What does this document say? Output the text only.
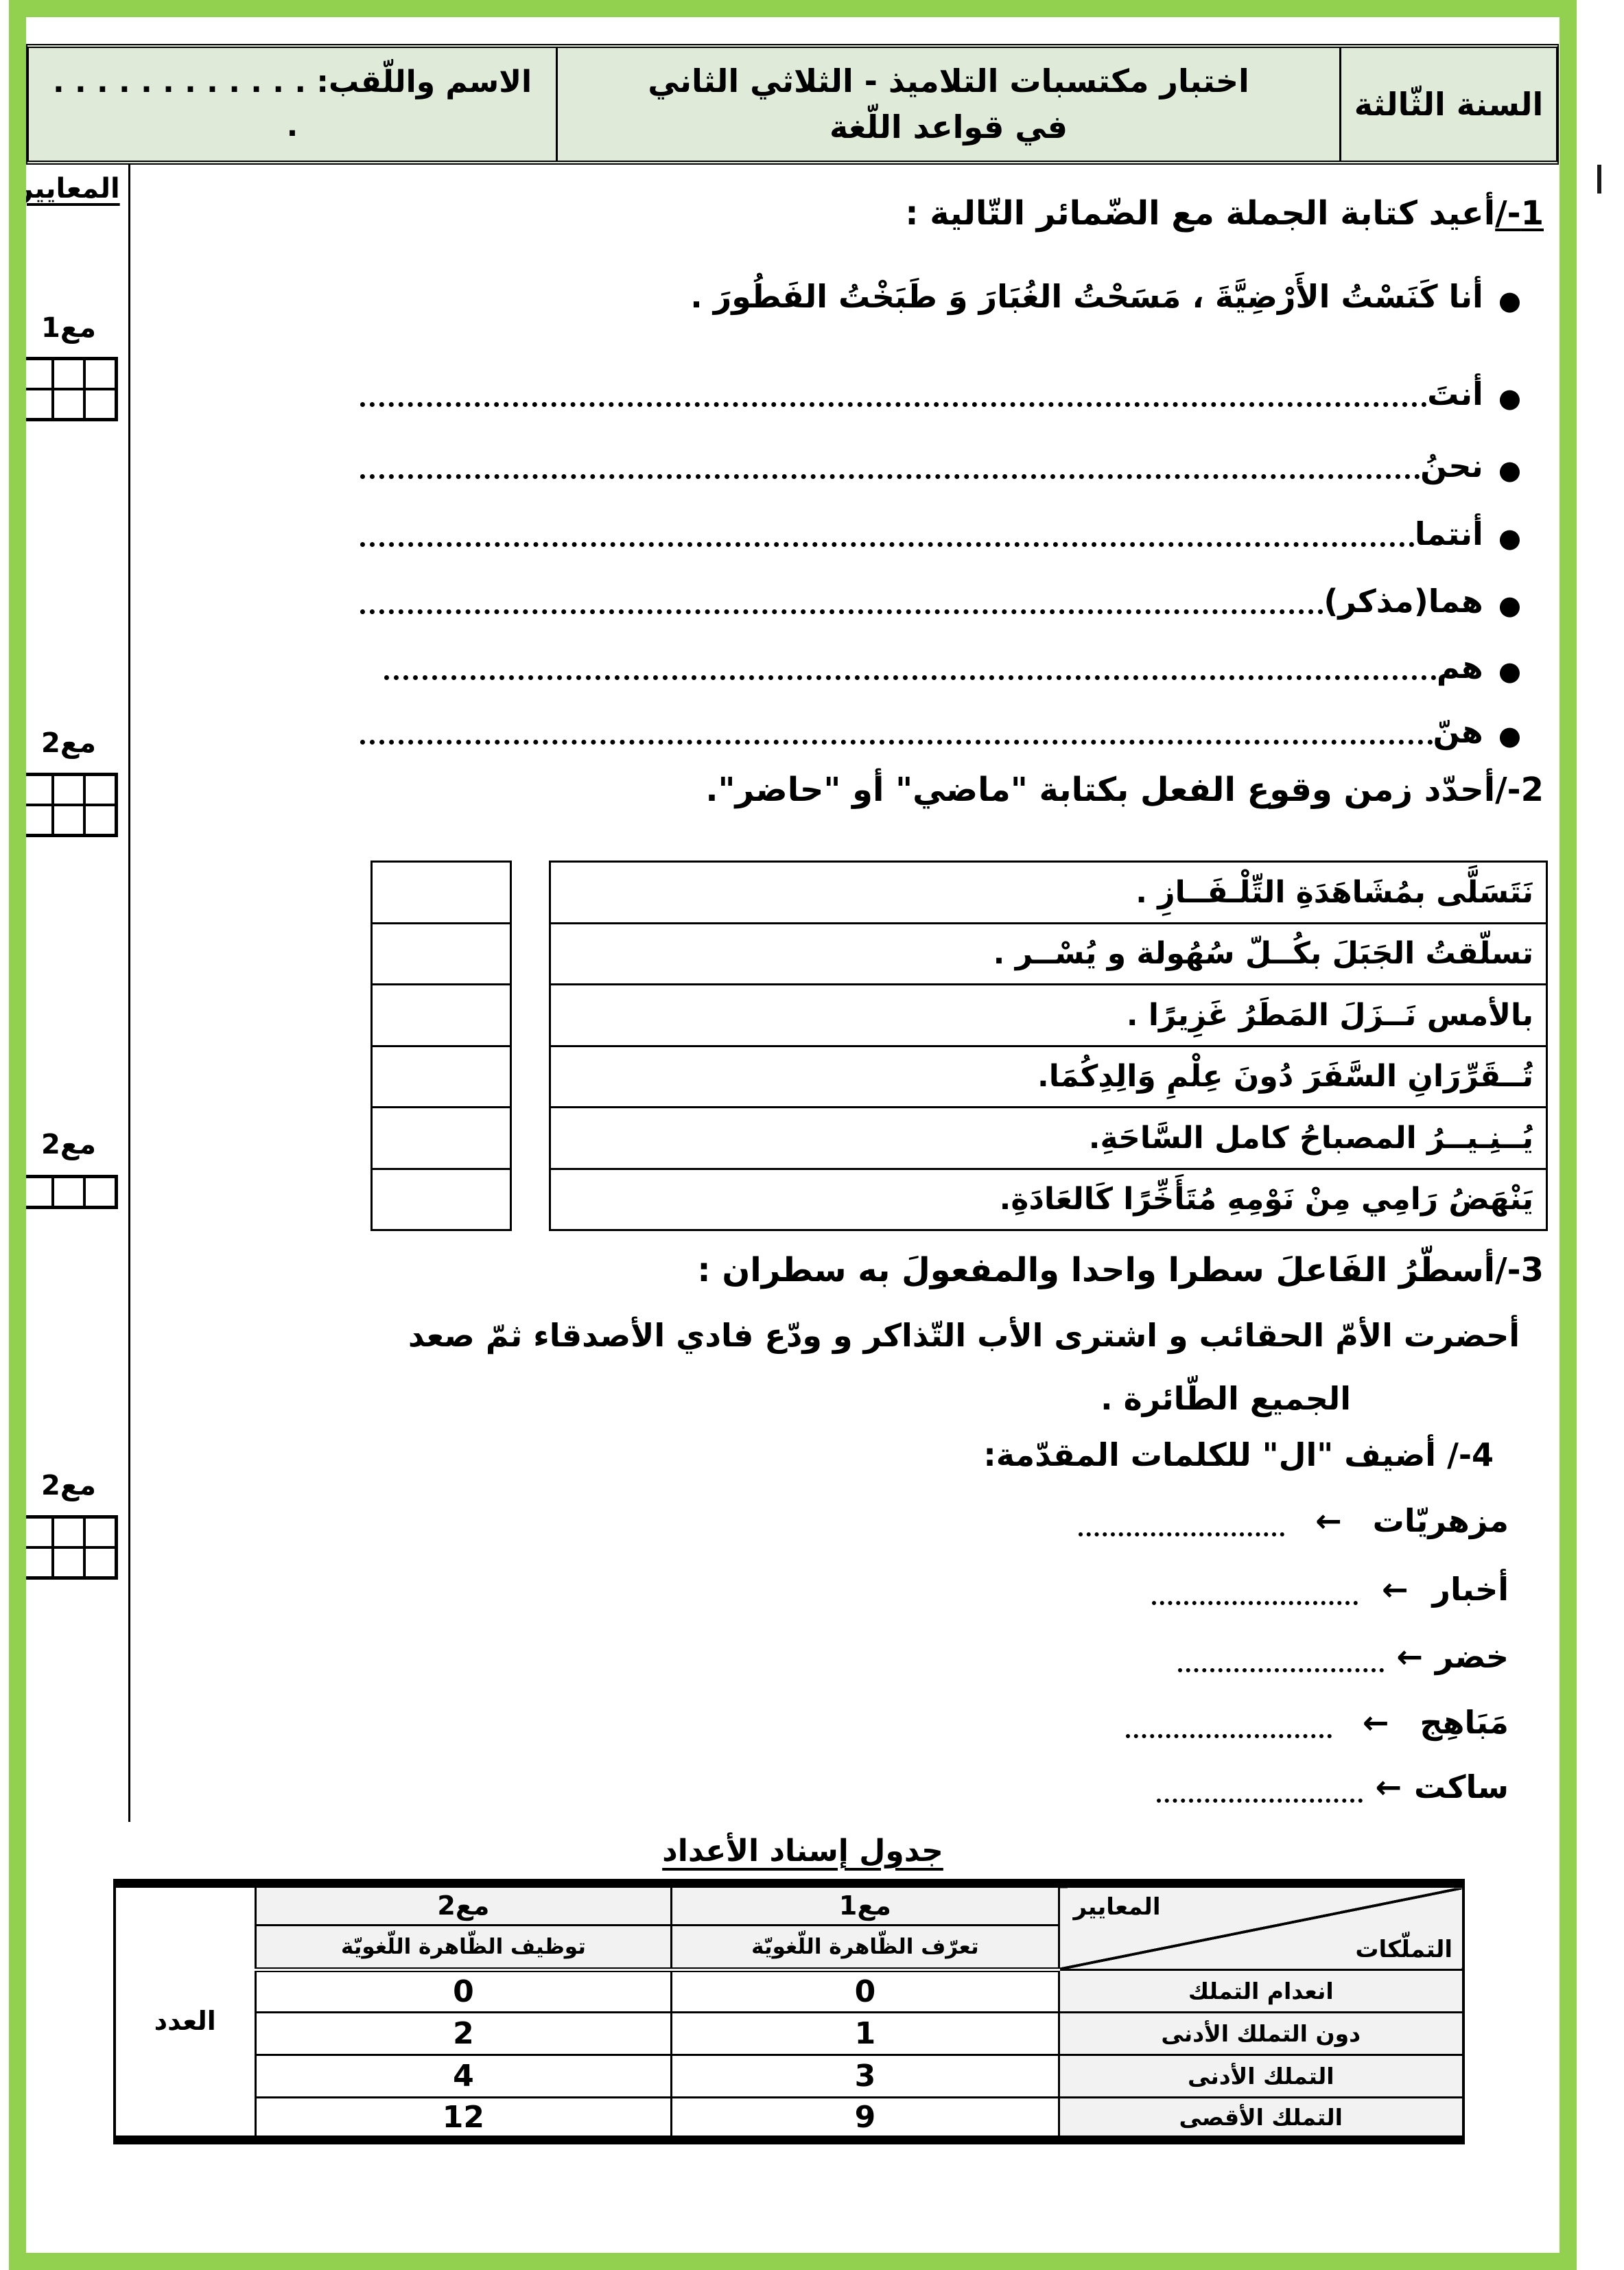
السنة الثّالثة
اختبار مكتسبات التلاميذ - الثلاثي الثاني
في قواعد اللّغة
الاسم واللّقب: . . . . . . . . . . . .
.
المعايير
مع1
مع2
مع2
مع2
1-/أعيد كتابة الجملة مع الضّمائر التّالية :
●
أنا كَنَسْتُ الأَرْضِيَّةَ ، مَسَحْتُ الغُبَارَ وَ طَبَخْتُ الفَطُورَ .
●
أنتَ
●
نحنُ
●
أنتما
●
هما(مذكر)
●
هم
●
هنّ
2-/أحدّد زمن وقوع الفعل بكتابة "ماضي" أو "حاضر".
نَتَسَلَّى بمُشَاهَدَةِ التِّلْـفَــازِ .
تسلّقتُ الجَبَلَ بكُــلّ سُهُولة و يُسْــر .
بالأمس نَــزَلَ المَطَرُ غَزِيرًا .
تُــقَرِّرَانِ السَّفَرَ دُونَ عِلْمِ وَالِدِكُمَا.
يُــنِـيــرُ المصباحُ كامل السَّاحَةِ.
يَنْهَضُ رَامِي مِنْ نَوْمِهِ مُتَأَخِّرًا كَالعَادَةِ.
3-/أسطّرُ الفَاعلَ سطرا واحدا والمفعولَ به سطران :
أحضرت الأمّ الحقائب و اشترى الأب التّذاكر و ودّع فادي الأصدقاء ثمّ صعد
الجميع الطّائرة .
4-/ أضيف "ال" للكلمات المقدّمة:
مزهريّات
←
أخبار
←
خضر
←
مَبَاهِج
←
ساكت
←
جدول إسناد الأعداد
المعايير
التملّكات	مع1	مع2	العدد
	تعرّف الظّاهرة اللّغويّة	توظيف الظّاهرة اللّغويّة	
انعدام التملك	0	0	
دون التملك الأدنى	1	2	
التملك الأدنى	3	4	
التملك الأقصى	9	12	
